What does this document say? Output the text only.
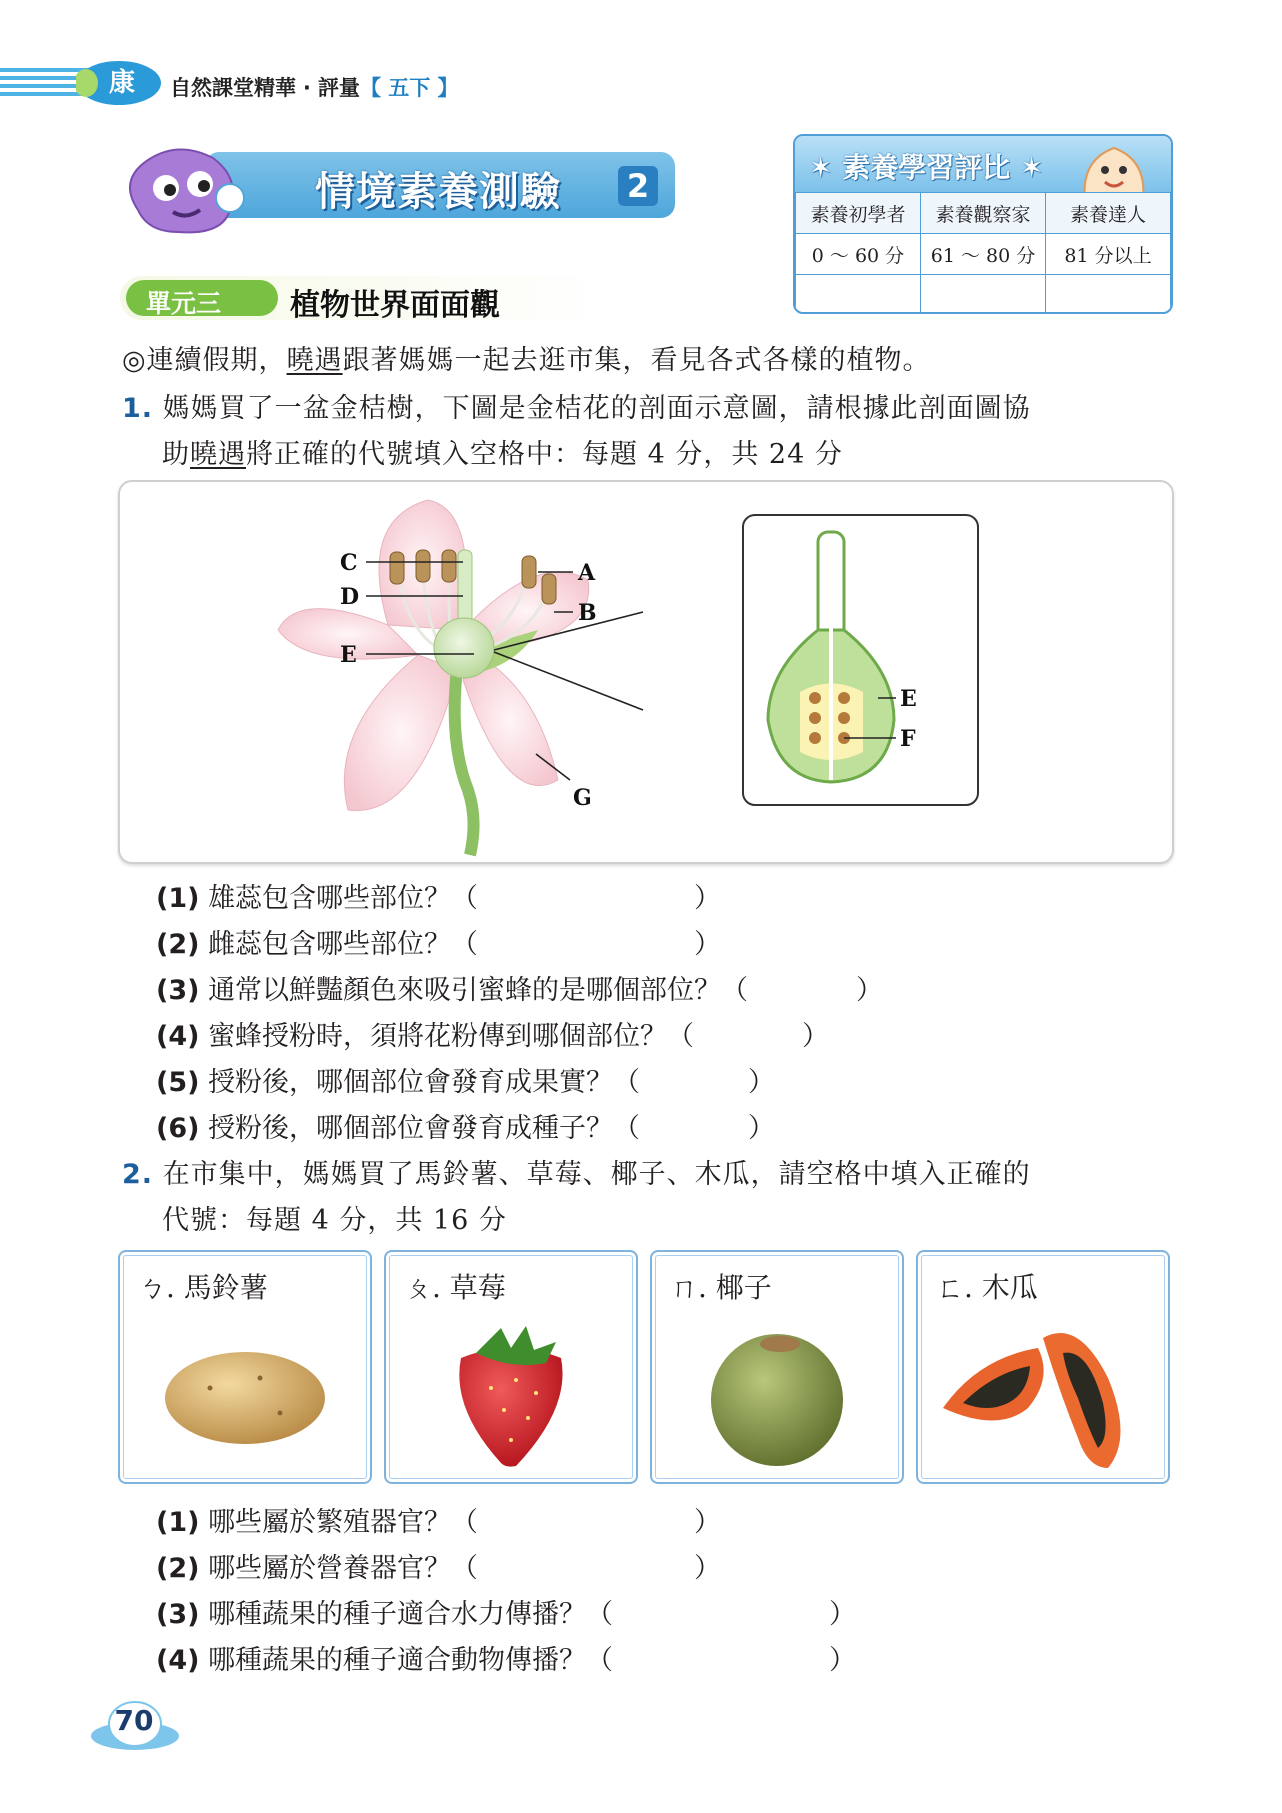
康	自然課堂精華 ‧ 評量【 五下 】
情境素養測驗 2	✶ 素養學習評比 ✶
素養初學者	素養觀察家	素養達人
0 ～ 60 分	61 ～ 80 分	81 分以上

單元三 植物世界面面觀
◎連續假期，曉遇跟著媽媽一起去逛市集，看見各式各樣的植物。
1. 媽媽買了一盆金桔樹，下圖是金桔花的剖面示意圖，請根據此剖面圖協
助曉遇將正確的代號填入空格中：每題 4 分，共 24 分
C
D
A
B
E
E
F
G
(1) 雄蕊包含哪些部位？（　　　　　　　　）
(2) 雌蕊包含哪些部位？（　　　　　　　　）
(3) 通常以鮮豔顏色來吸引蜜蜂的是哪個部位？（　　　　）
(4) 蜜蜂授粉時，須將花粉傳到哪個部位？（　　　　）
(5) 授粉後，哪個部位會發育成果實？（　　　　）
(6) 授粉後，哪個部位會發育成種子？（　　　　）
2. 在市集中，媽媽買了馬鈴薯、草莓、椰子、木瓜，請空格中填入正確的
代號：每題 4 分，共 16 分
ㄅ. 馬鈴薯	ㄆ. 草莓	ㄇ. 椰子	ㄈ. 木瓜
(1) 哪些屬於繁殖器官？（　　　　　　　　）
(2) 哪些屬於營養器官？（　　　　　　　　）
(3) 哪種蔬果的種子適合水力傳播？（　　　　　　　　）
(4) 哪種蔬果的種子適合動物傳播？（　　　　　　　　）
70
